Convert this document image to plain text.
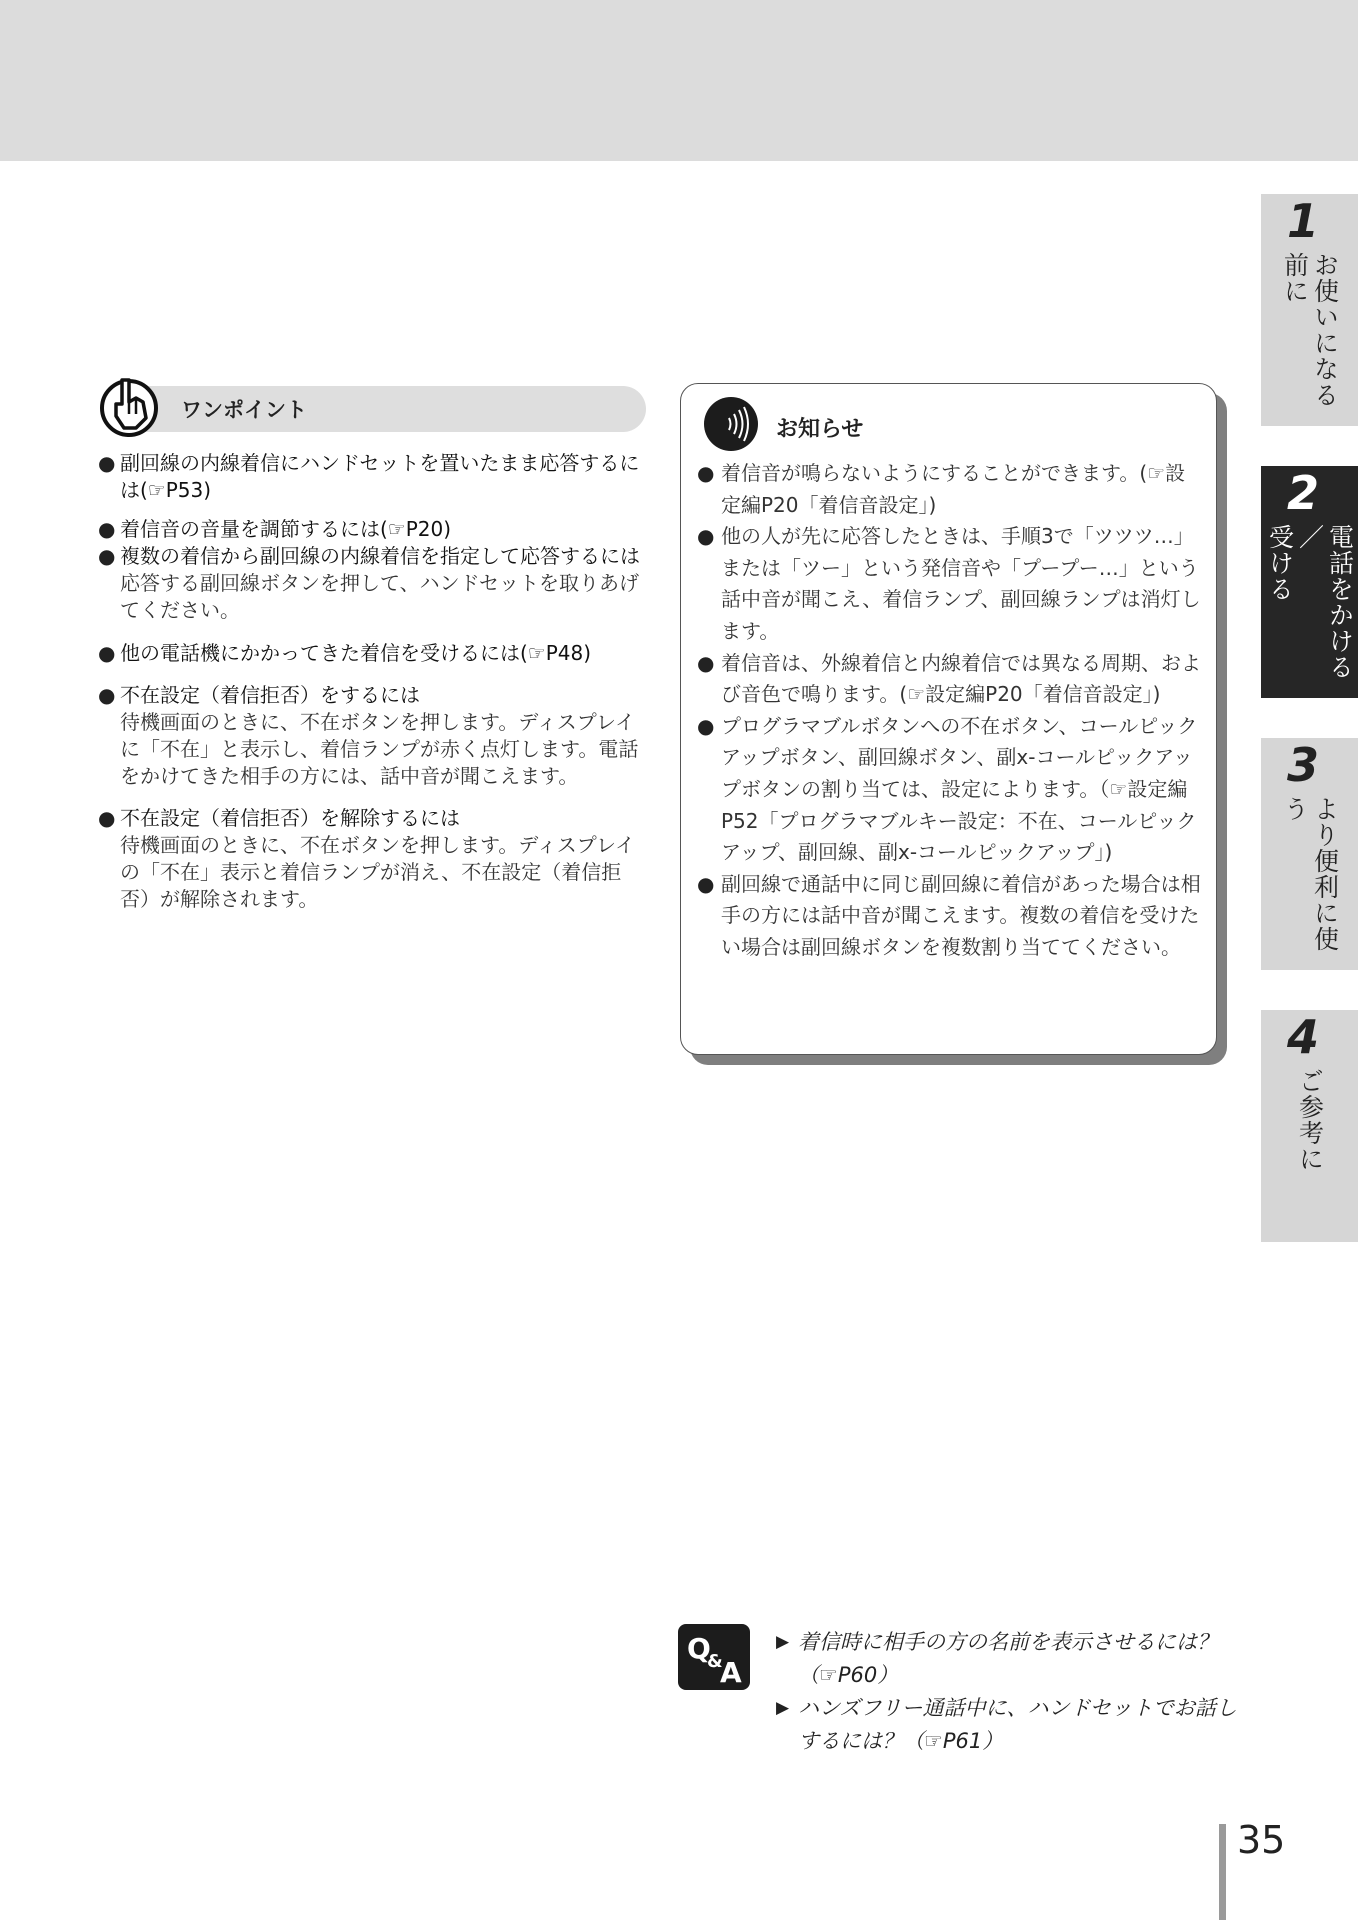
1
お使いになる
前に
2
電話をかける／
受ける
3
より便利に使う
4
ご参考に
ワンポイント
● 副回線の内線着信にハンドセットを置いたまま応答するには(☞P53)
● 着信音の音量を調節するには(☞P20)
● 複数の着信から副回線の内線着信を指定して応答するには
応答する副回線ボタンを押して、ハンドセットを取りあげてください。
● 他の電話機にかかってきた着信を受けるには(☞P48)
● 不在設定（着信拒否）をするには
待機画面のときに、不在ボタンを押します。ディスプレイに「不在」と表示し、着信ランプが赤く点灯します。電話をかけてきた相手の方には、話中音が聞こえます。
● 不在設定（着信拒否）を解除するには
待機画面のときに、不在ボタンを押します。ディスプレイの「不在」表示と着信ランプが消え、不在設定（着信拒否）が解除されます。
お知らせ
● 着信音が鳴らないようにすることができます。(☞設定編P20「着信音設定」)
● 他の人が先に応答したときは、手順3で「ツツツ…」または「ツー」という発信音や「プープー…」という話中音が聞こえ、着信ランプ、副回線ランプは消灯します。
● 着信音は、外線着信と内線着信では異なる周期、および音色で鳴ります。(☞設定編P20「着信音設定」)
● プログラマブルボタンへの不在ボタン、コールピックアップボタン、副回線ボタン、副x-コールピックアップボタンの割り当ては、設定によります。（☞設定編P52「プログラマブルキー設定：不在、コールピックアップ、副回線、副x-コールピックアップ」)
● 副回線で通話中に同じ副回線に着信があった場合は相手の方には話中音が聞こえます。複数の着信を受けたい場合は副回線ボタンを複数割り当ててください。
Q
&
A
▶ 着信時に相手の方の名前を表示させるには？（☞P60）
▶ ハンズフリー通話中に、ハンドセットでお話しするには？（☞P61）
35
